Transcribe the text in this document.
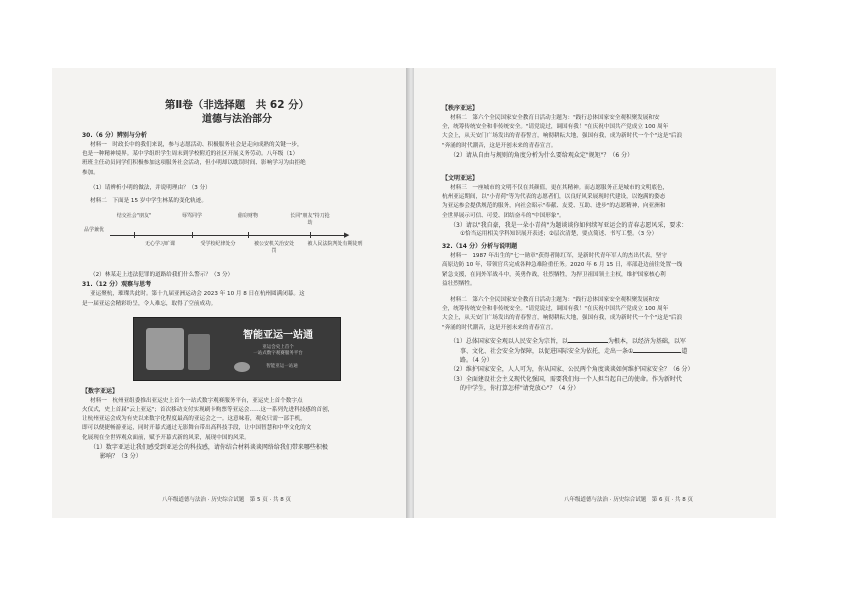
第Ⅱ卷（非选择题　共 62 分）
道德与法治部分
30.（6 分）辨别与分析
材料一　时政长中的我们来说，参与志愿活动、积极服务社会是走向成熟的关键一步，
也是一种精神境界。某中学组织学生周末到学校附近的社区开展义务劳动。八年级（1）
班班主任动员同学们积极参加这项服务社会活动，但小明却以耽误时间、影响学习为由拒绝
参加。
（1）请辨析小明的做法，并说明理由？（3 分）
材料二　下面是 15 岁中学生林某的变化轨迹。
品学兼优
▶
结交社会"朋友"	辱骂同学	偷窃财物	长同"朋友"持刀抢劫
无心学习旷课	受学校纪律处分	被公安机关治安处罚
被人民法院判处有期徒刑
（2）林某走上违法犯罪的道路给我们什么警示？（3 分）
31.（12 分）观察与思考
亚运聚杭，璀璨共此时。第十九届亚洲运动会 2023 年 10 月 8 日在杭州圆满闭幕。这
是一届亚运会精彩纷呈，令人难忘，取得了空前成功。
智能亚运一站通
亚运会史上首个
一站式数字观赛服务平台
智能亚运一站通
【数字亚运】
材料一　杭州亚组委推出亚运史上首个一站式数字观赛服务平台，亚运史上首个数字点
火仪式，史上首届"云上亚运"；首次移动支付实现刷卡购票等亚运会……这一系列先进科技感的首创，
让杭州亚运会成为有史以来数字化程度最高的亚运会之一。这意味着，观众只需一部手机，
即可以便捷畅游亚运，同时开幕式通过无影舞台带出高科技手段，让中国智慧和中华文化的文
化展现在全世界观众面前，赋予开幕式新的风采，展现中国的风采。
（1）数字亚运让我们感受到亚运会的科技感，请你结合材料谈谈网络给我们带来哪些积极
影响？（3 分）
八年级道德与法治 · 历史综合试题　第 5 页 · 共 8 页
【秩序亚运】
材料二　第六个全民国家安全教育日活动主题为："践行总体国家安全观积聚发展和安
全，统筹传统安全和非传统安全。"请党说过，调国有我！"在庆祝中国共产党成立 100 周年
大会上，从天安门广场发出的青春誓言，响彻耕耘大地，强国有我，成为新时代一个个"这是"后浪
"奔涌的时代潮音，这是开创未来的青春宣言。
（2）请从自由与规则的角度分析为什么要给观众定"规矩"？（6 分）
【文明亚运】
材料三　一座城市的文明不仅在其颜值，更在其精神。而志愿服务正是城市的文明底色，
杭州亚运期间，以"小青荷"等为代表的志愿者们，以良好风采展现时代建设，以饱满的姿态
为亚运参会提供规范的服务，向社会昭示"奉献、友爱、互助、进步"的志愿精神，向亚洲和
全世界展示可信、可爱、团结奋斗的"中国形象"。
（3）请以"我自豪，我是一朵小青荷"为题谈谈你如何续写亚运会的青春志愿风采，要求：
①恰当运用相关学科知识展开表述；②层次清楚，要点简述、书写工整。（3 分）
32.（14 分）分析与说明题
材料一　1987 年出生的"七一勋章"获得者陈红军，是新时代青年军人的杰出代表，坚守
高原边防 10 年，带领官兵完成各种急难险重任务。2020 年 6 月 15 日，率部赴边前往处置一线
紧急支援，在同外军战斗中，英勇作战，壮烈牺牲，为捍卫祖国领土主权，维护国家核心利
益壮烈牺牲。
材料二　第六个全民国家安全教育日活动主题为："践行总体国家安全观积聚发展和安
全，统筹传统安全和非传统安全。"请党说过，调国有我！"在庆祝中国共产党成立 100 周年
大会上，从天安门广场发出的青春誓言，响彻耕耘大地，强国有我，成为新时代一个个"这是"后浪
"奔涌的时代潮音，这是开创未来的青春宣言。
（1）总体国家安全观以人民安全为宗旨，以	为根本，以经济为基础，以军
事、文化、社会安全为保障，以促进国际安全为依托，走出一条①	道
路。（4 分）
（2）维护国家安全，人人可为，你从国家、公民两个角度谈谈如何维护国家安全？（6 分）
（3）全面建设社会主义现代化强国，需要我们每一个人担当起自己的使命。作为新时代
的中学生，你打算怎样"请党放心"？（4 分）
八年级道德与法治 · 历史综合试题　第 6 页 · 共 8 页
